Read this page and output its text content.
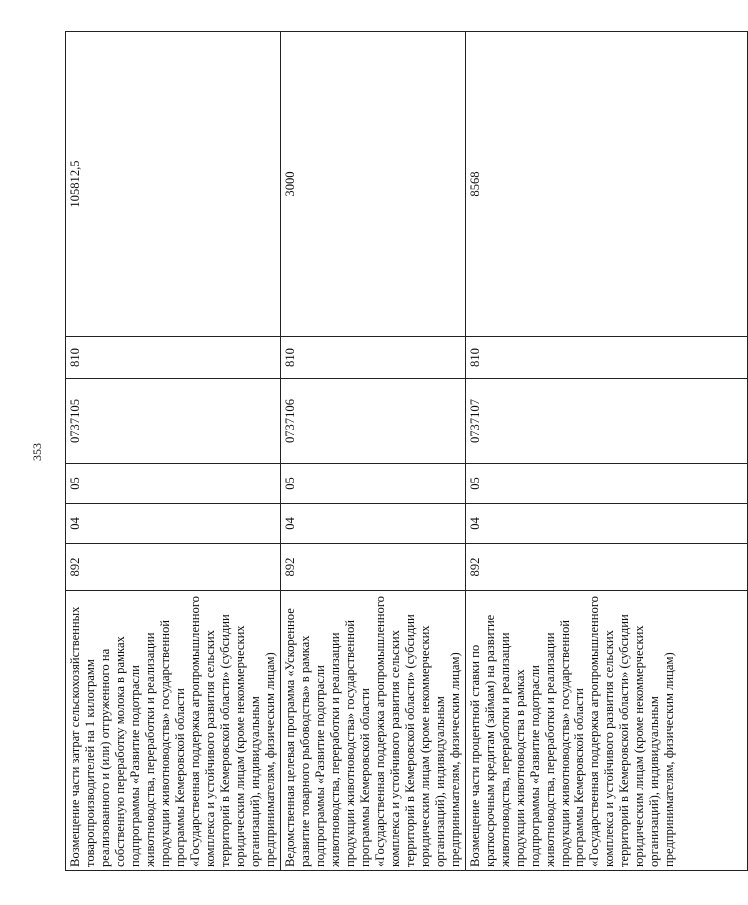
353
Возмещение части затрат сельскохозяйственных товаропроизводителей на 1 килограмм реализованного и (или) отгруженного на собственную переработку молока в рамках подпрограммы «Развитие подотрасли животноводства, переработки и реализации продукции животноводства» государственной программы Кемеровской области «Государственная поддержка агропромышленного комплекса и устойчивого развития сельских территорий в Кемеровской области» (субсидии юридическим лицам (кроме некоммерческих организаций), индивидуальным предпринимателям, физическим лицам)	892	04	05	0737105	810	105812,5
Ведомственная целевая программа «Ускоренное развитие товарного рыбоводства» в рамках подпрограммы «Развитие подотрасли животноводства, переработки и реализации продукции животноводства» государственной программы Кемеровской области «Государственная поддержка агропромышленного комплекса и устойчивого развития сельских территорий в Кемеровской области» (субсидии юридическим лицам (кроме некоммерческих организаций), индивидуальным предпринимателям, физическим лицам)	892	04	05	0737106	810	3000
Возмещение части процентной ставки по краткосрочным кредитам (займам) на развитие животноводства, переработки и реализации продукции животноводства в рамках подпрограммы «Развитие подотрасли животноводства, переработки и реализации продукции животноводства» государственной программы Кемеровской области «Государственная поддержка агропромышленного комплекса и устойчивого развития сельских территорий в Кемеровской области» (субсидии юридическим лицам (кроме некоммерческих организаций), индивидуальным предпринимателям, физическим лицам)	892	04	05	0737107	810	8568
